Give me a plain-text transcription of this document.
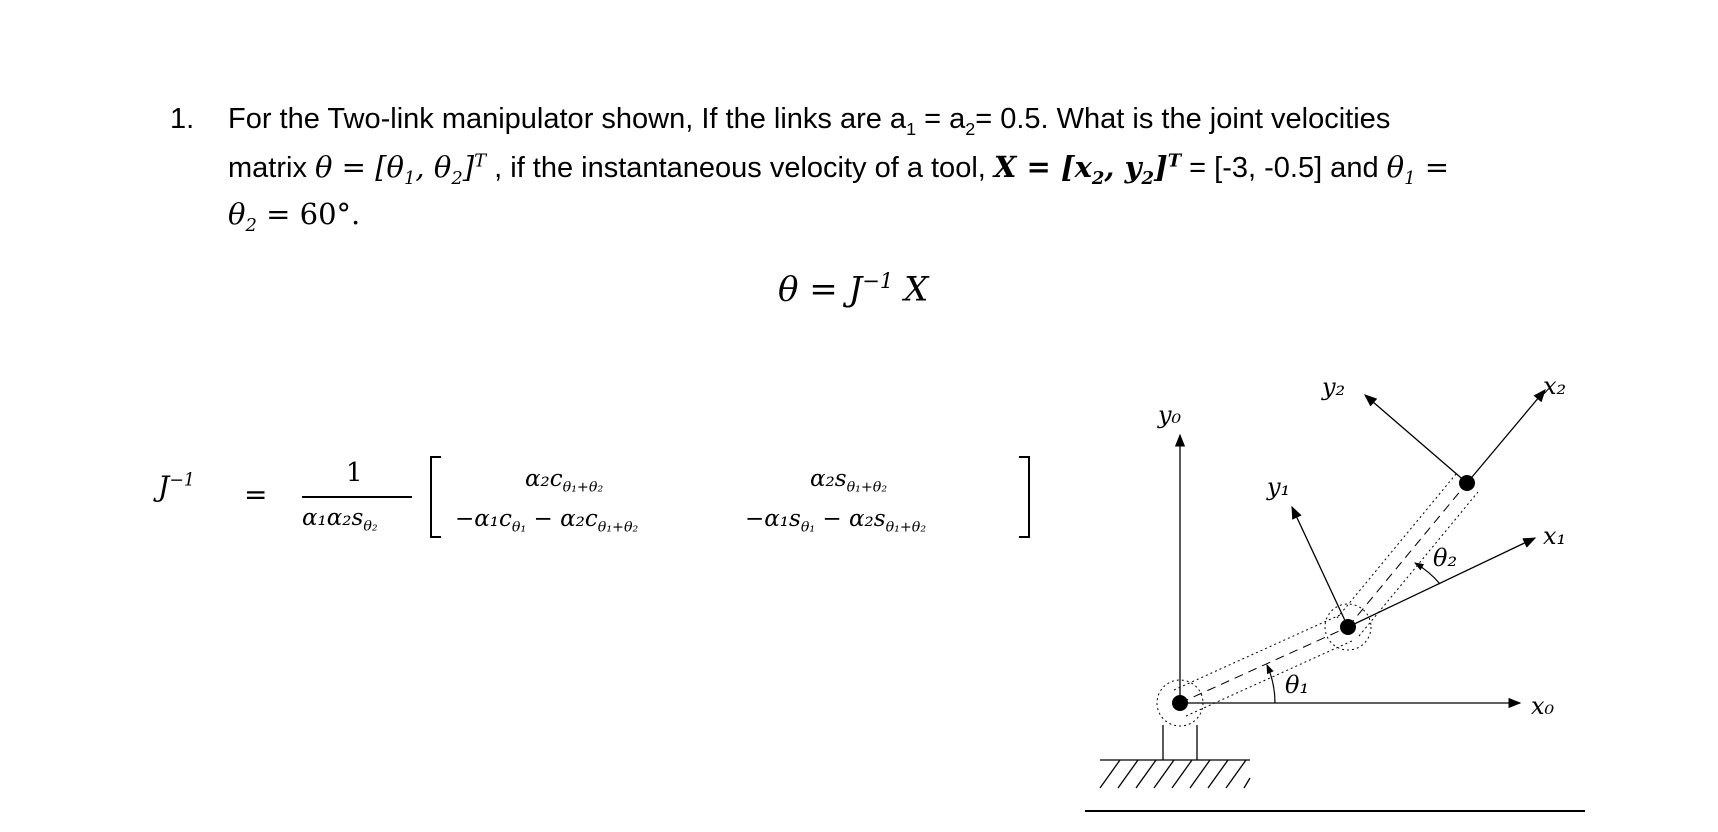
1. For the Two-link manipulator shown, If the links are $a_1 = a_2= 0.5$. What is the joint velocities
matrix $\theta = [\theta_1$, $\theta_2]^T$ , if the instantaneous velocity of a tool, $X = [x_2$, $y_2]^T = [-3$, -0.5] and $\theta_1$ =
$\theta_2 = 60^\circ$.
$\theta = J^{-1}$ X
$J^{-1}$ =
1
$\alpha_1\alpha_2s_{\theta_2}$
$\alpha_2c_{\theta_1+\theta_2}$	$\alpha_2s_{\theta_1+\theta_2}$
$-\alpha_1c_{\theta_1} - \alpha_2c_{\theta_1+\theta_2}$	$-\alpha_1s_{\theta_1} - \alpha_2s_{\theta_1+\theta_2}$
y₀
x₀
y₁
x₁
y₂	x₂
θ₁
θ₂
